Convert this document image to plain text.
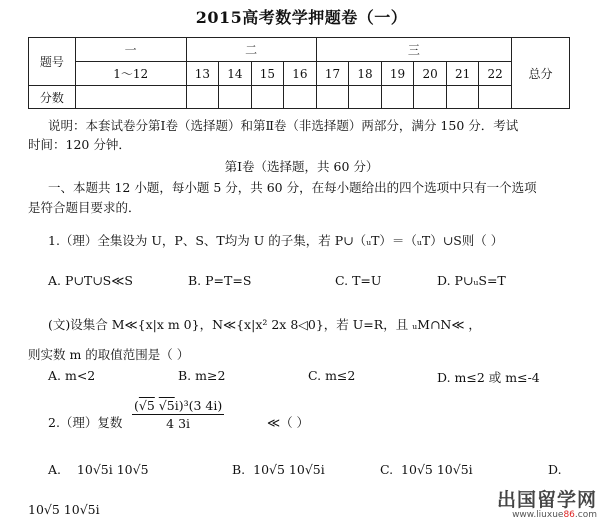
2015高考数学押题卷（一）
题号	一	二				三						总分
	1～12	13	14	15	16	17	18	19	20	21	22	
分数												
说明：本套试卷分第Ⅰ卷（选择题）和第Ⅱ卷（非选择题）两部分，满分 150 分．考试
时间：120 分钟．
第Ⅰ卷（选择题，共 60 分）
一、本题共 12 小题，每小题 5 分，共 60 分，在每小题给出的四个选项中只有一个选项
是符合题目要求的．
1.（理）全集设为 U，P、S、T均为 U 的子集，若 P∪（ᵤT）＝（ᵤT）∪S则（ ）
A. P∪T∪S≪S	B. P=T=S	C. T=U	D. P∪ᵤS=T
(文)设集合 M≪{x|x m 0}，N≪{x|x² 2x 8◁0}，若 U=R，且 ᵤM∩N≪ ，
则实数 m 的取值范围是（ ）
A. m<2	B. m≥2	C. m≤2	D. m≤2 或 m≤-4
2.（理）复数 $\frac{\text{(√5 √5i)³(3 4i)}}{4 3i}$	≪（ ）
A. 10√5i 10√5	B. 10√5 10√5i	C. 10√5 10√5i	D.
10√5 10√5i	出国留学网
www.liuxue86.com
